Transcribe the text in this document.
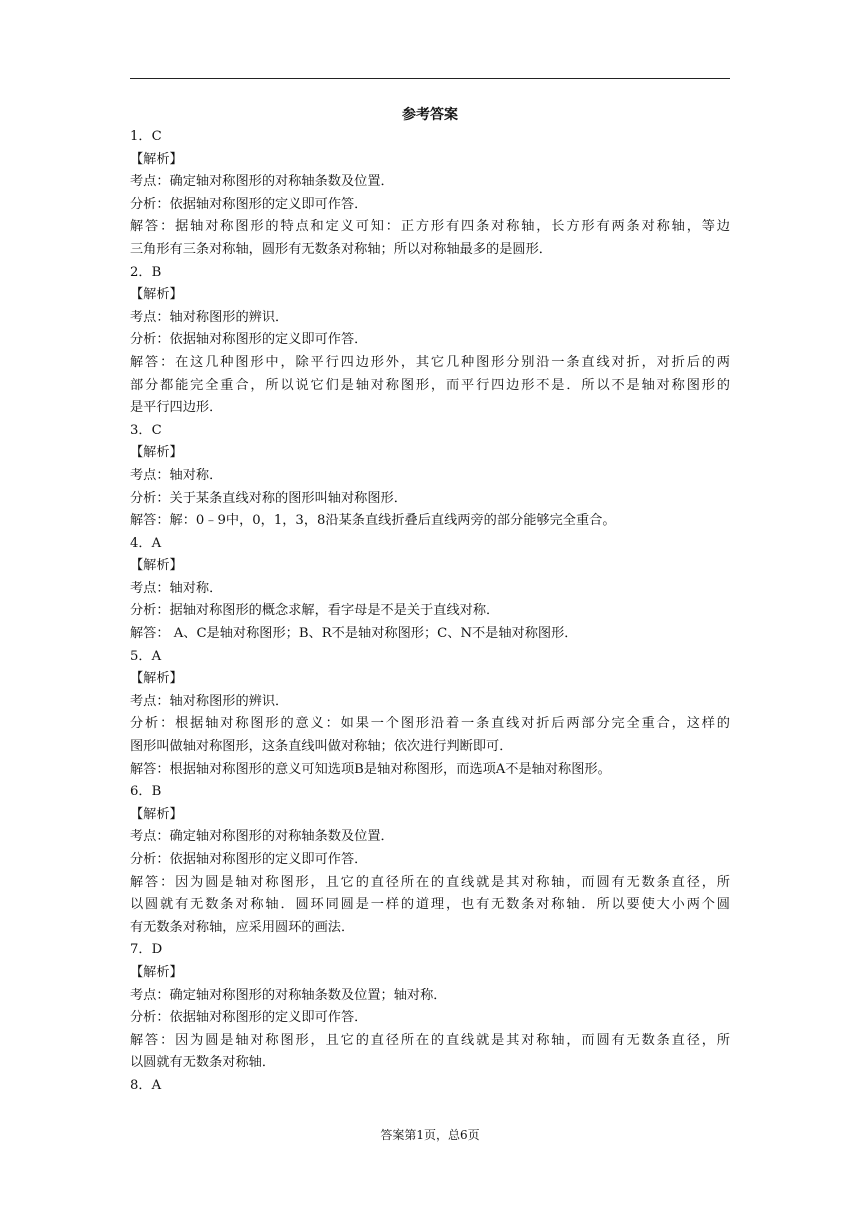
参考答案
1．C
【解析】
考点：确定轴对称图形的对称轴条数及位置．
分析：依据轴对称图形的定义即可作答．
解答：据轴对称图形的特点和定义可知：正方形有四条对称轴，长方形有两条对称轴，等边
三角形有三条对称轴，圆形有无数条对称轴；所以对称轴最多的是圆形．
2．B
【解析】
考点：轴对称图形的辨识．
分析：依据轴对称图形的定义即可作答．
解答：在这几种图形中，除平行四边形外，其它几种图形分别沿一条直线对折，对折后的两
部分都能完全重合，所以说它们是轴对称图形，而平行四边形不是．所以不是轴对称图形的
是平行四边形．
3．C
【解析】
考点：轴对称．
分析：关于某条直线对称的图形叫轴对称图形．
解答：解：0﹣9中，0，1，3，8沿某条直线折叠后直线两旁的部分能够完全重合。
4．A
【解析】
考点：轴对称．
分析：据轴对称图形的概念求解，看字母是不是关于直线对称．
解答： A、C是轴对称图形；B、R不是轴对称图形；C、N不是轴对称图形．
5．A
【解析】
考点：轴对称图形的辨识．
分析：根据轴对称图形的意义：如果一个图形沿着一条直线对折后两部分完全重合，这样的
图形叫做轴对称图形，这条直线叫做对称轴；依次进行判断即可．
解答：根据轴对称图形的意义可知选项B是轴对称图形，而选项A不是轴对称图形。
6．B
【解析】
考点：确定轴对称图形的对称轴条数及位置．
分析：依据轴对称图形的定义即可作答．
解答：因为圆是轴对称图形，且它的直径所在的直线就是其对称轴，而圆有无数条直径，所
以圆就有无数条对称轴．圆环同圆是一样的道理，也有无数条对称轴．所以要使大小两个圆
有无数条对称轴，应采用圆环的画法．
7．D
【解析】
考点：确定轴对称图形的对称轴条数及位置；轴对称．
分析：依据轴对称图形的定义即可作答．
解答：因为圆是轴对称图形，且它的直径所在的直线就是其对称轴，而圆有无数条直径，所
以圆就有无数条对称轴．
8．A
答案第1页，总6页
